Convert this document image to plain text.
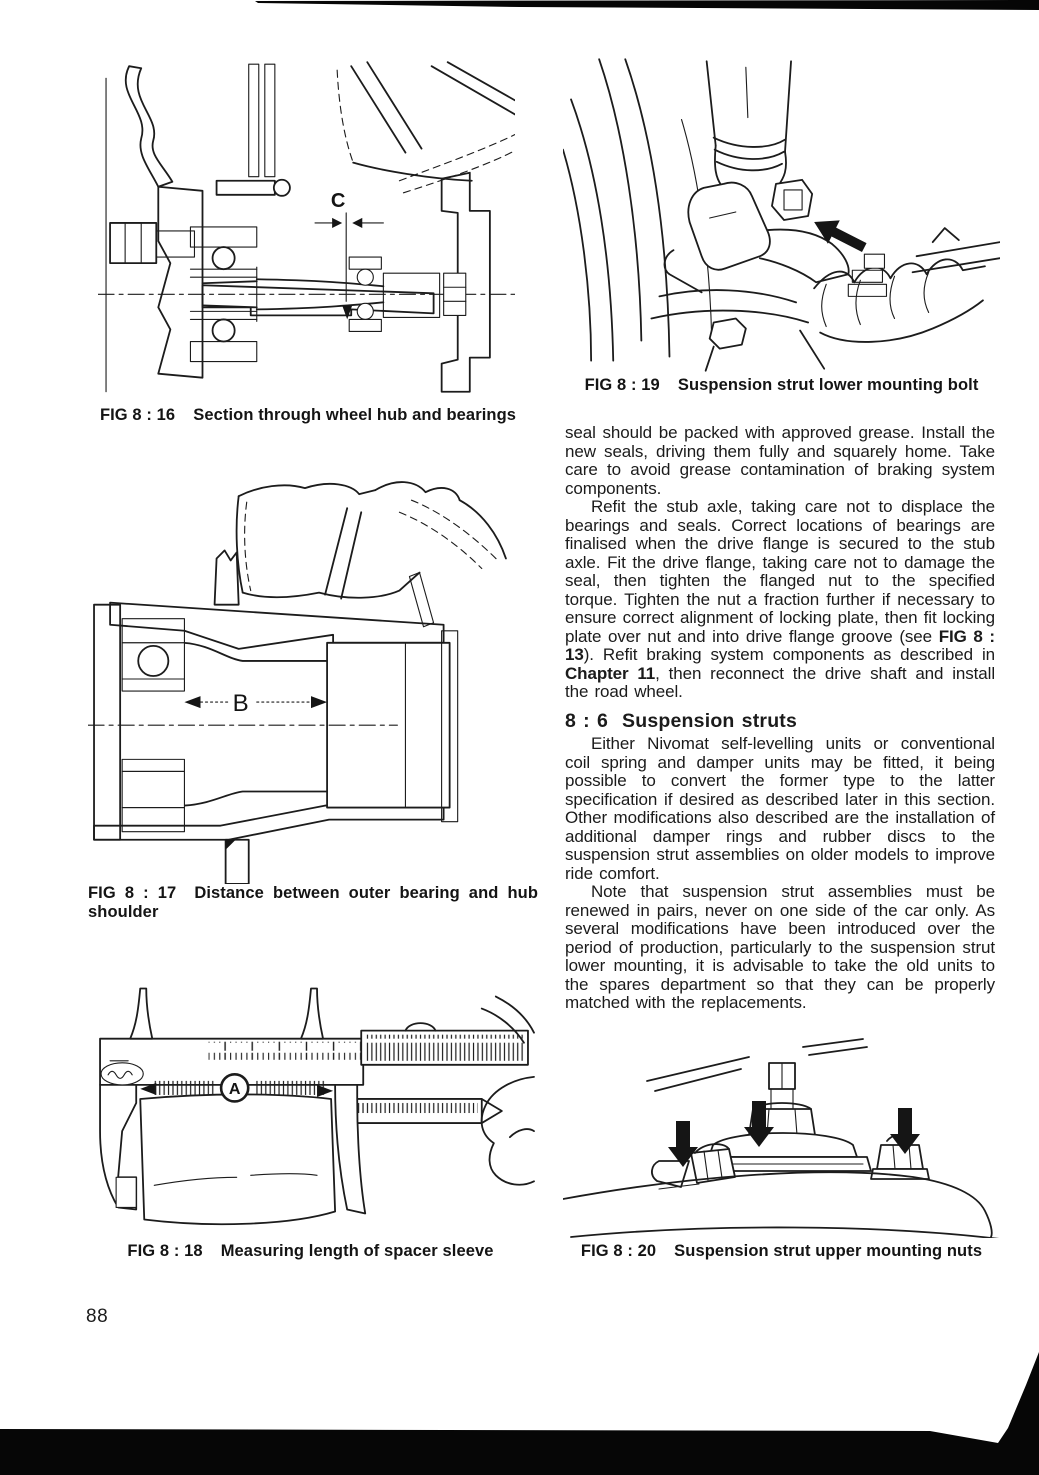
C
B
A
FIG 8 : 16 Section through wheel hub and bearings
FIG 8 : 19 Suspension strut lower mounting bolt
FIG 8 : 17 Distance between outer bearing and hub shoulder
FIG 8 : 18 Measuring length of spacer sleeve	FIG 8 : 20 Suspension strut upper mounting nuts

seal should be packed with approved grease. Install the new seals, driving them fully and squarely home. Take care to avoid grease contamination of braking system components.

Refit the stub axle, taking care not to displace the bearings and seals. Correct locations of bearings are finalised when the drive flange is secured to the stub axle. Fit the drive flange, taking care not to damage the seal, then tighten the flanged nut to the specified torque. Tighten the nut a fraction further if necessary to ensure correct alignment of locking plate, then fit locking plate over nut and into drive flange groove (see FIG 8 : 13). Refit braking system components as described in Chapter 11, then reconnect the drive shaft and install the road wheel.

8 : 6 Suspension struts

Either Nivomat self-levelling units or conventional coil spring and damper units may be fitted, it being possible to convert the former type to the latter specification if desired as described later in this section. Other modifications also described are the installation of additional damper rings and rubber discs to the suspension strut assemblies on older models to improve ride comfort.

Note that suspension strut assemblies must be renewed in pairs, never on one side of the car only. As several modifications have been introduced over the period of production, particularly to the suspension strut lower mounting, it is advisable to take the old units to the spares department so that they can be properly matched with the replacements.

88
